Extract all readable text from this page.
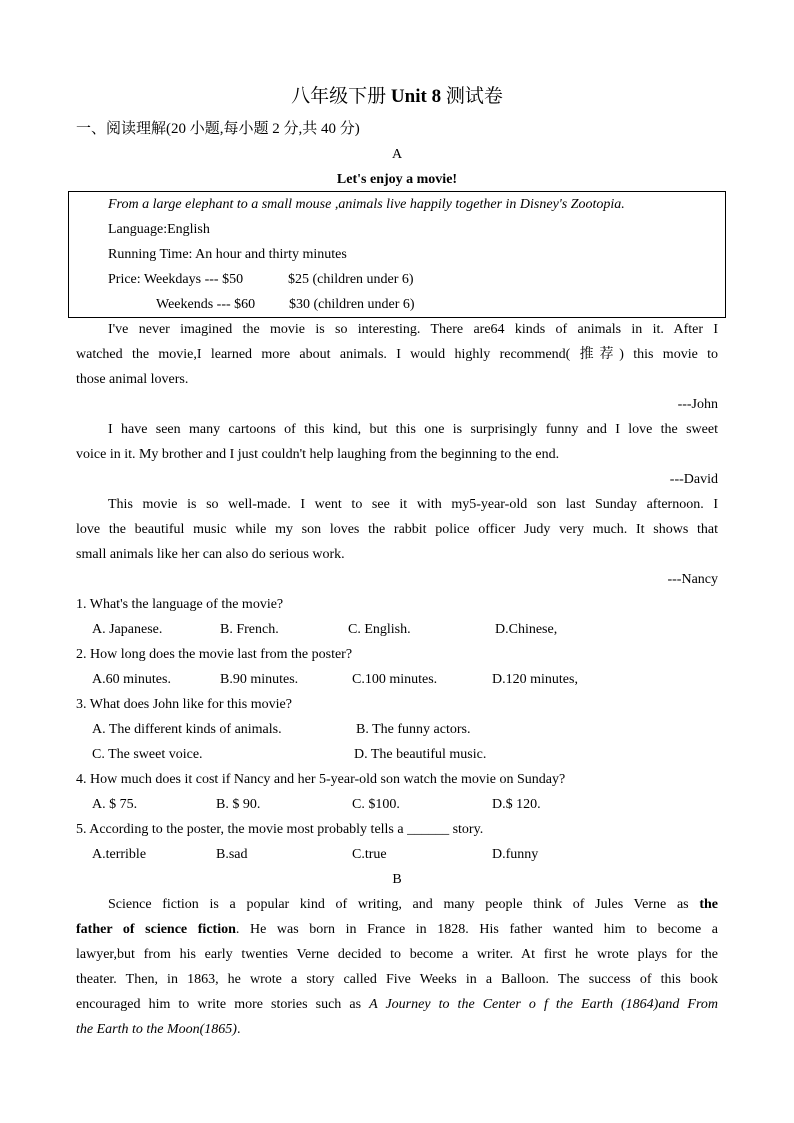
八年级下册 Unit 8 测试卷
一、阅读理解(20 小题,每小题 2 分,共 40 分)
A
Let's enjoy a movie!
From a large elephant to a small mouse ,animals live happily together in Disney's Zootopia.
Language:English
Running Time: An hour and thirty minutes
Price: Weekdays --- $50	$25 (children under 6)
Weekends --- $60 $30 (children under 6)
I've never imagined the movie is so interesting. There are64 kinds of animals in it. After I
watched the movie,I learned more about animals. I would highly recommend( 推荐) this movie to
those animal lovers.
---John
I have seen many cartoons of this kind, but this one is surprisingly funny and I love the sweet
voice in it. My brother and I just couldn't help laughing from the beginning to the end.
---David
This movie is so well-made. I went to see it with my5-year-old son last Sunday afternoon. I
love the beautiful music while my son loves the rabbit police officer Judy very much. It shows that
small animals like her can also do serious work.
---Nancy
1. What's the language of the movie?
A. Japanese.	B. French.	C. English.	D.Chinese,
2. How long does the movie last from the poster?
A.60 minutes.	B.90 minutes.	C.100 minutes.	D.120 minutes,
3. What does John like for this movie?
A. The different kinds of animals.	B. The funny actors.
C. The sweet voice.	D. The beautiful music.
4. How much does it cost if Nancy and her 5-year-old son watch the movie on Sunday?
A. $ 75.	B. $ 90.	C. $100.	D.$ 120.
5. According to the poster, the movie most probably tells a ______ story.
A.terrible	B.sad	C.true	D.funny
B
Science fiction is a popular kind of writing, and many people think of Jules Verne as the
father of science fiction. He was born in France in 1828. His father wanted him to become a
lawyer,but from his early twenties Verne decided to become a writer. At first he wrote plays for the
theater. Then, in 1863, he wrote a story called Five Weeks in a Balloon. The success of this book
encouraged him to write more stories such as A Journey to the Center o f the Earth (1864)and From
the Earth to the Moon(1865).
